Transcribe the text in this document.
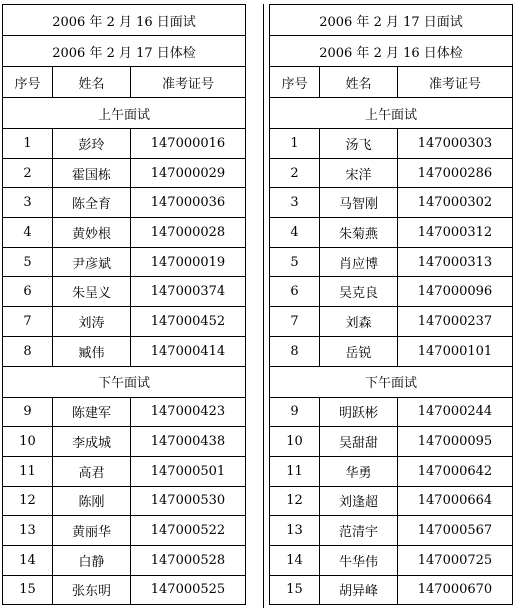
2006 年 2 月 16 日面试		
2006 年 2 月 17 日体检		
序号	姓名	准考证号
上午面试		
1	彭玲	147000016
2	霍国栋	147000029
3	陈全育	147000036
4	黄妙根	147000028
5	尹彦斌	147000019
6	朱呈义	147000374
7	刘涛	147000452
8	臧伟	147000414
下午面试		
9	陈建军	147000423
10	李成城	147000438
11	高君	147000501
12	陈刚	147000530
13	黄丽华	147000522
14	白静	147000528
15	张东明	147000525
2006 年 2 月 17 日面试		
2006 年 2 月 16 日体检		
序号	姓名	准考证号
上午面试		
1	汤飞	147000303
2	宋洋	147000286
3	马智刚	147000302
4	朱菊燕	147000312
5	肖应博	147000313
6	吴克良	147000096
7	刘森	147000237
8	岳锐	147000101
下午面试		
9	明跃彬	147000244
10	吴甜甜	147000095
11	华勇	147000642
12	刘逢超	147000664
13	范清宇	147000567
14	牛华伟	147000725
15	胡异峰	147000670
